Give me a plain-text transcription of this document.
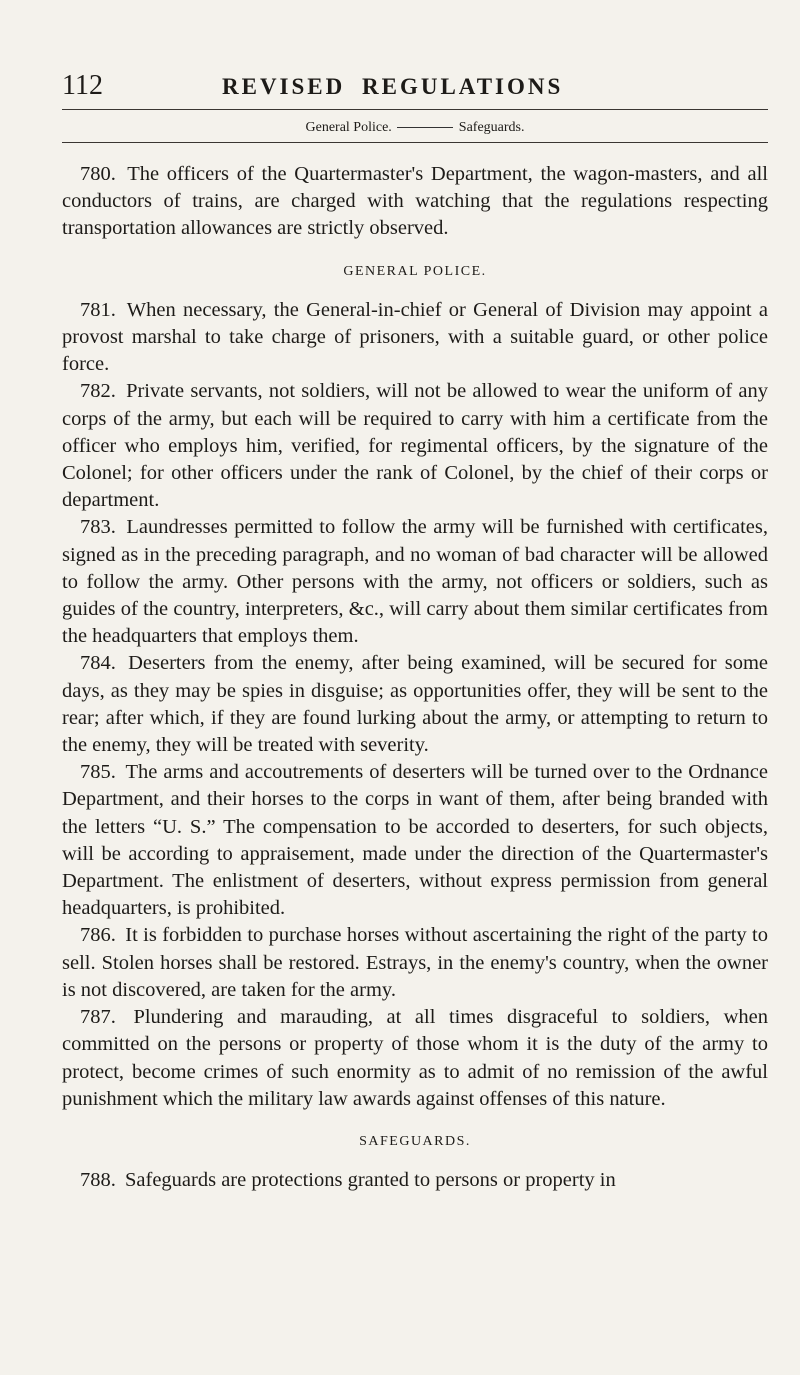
112	REVISED REGULATIONS
General Police.	Safeguards.

780. The officers of the Quartermaster's Department, the wagon-masters, and all conductors of trains, are charged with watching that the regulations respecting transportation allowances are strictly observed.

GENERAL POLICE.

781. When necessary, the General-in-chief or General of Division may appoint a provost marshal to take charge of prisoners, with a suitable guard, or other police force.

782. Private servants, not soldiers, will not be allowed to wear the uniform of any corps of the army, but each will be required to carry with him a certificate from the officer who employs him, verified, for regimental officers, by the signature of the Colonel; for other officers under the rank of Colonel, by the chief of their corps or department.

783. Laundresses permitted to follow the army will be furnished with certificates, signed as in the preceding paragraph, and no woman of bad character will be allowed to follow the army. Other persons with the army, not officers or soldiers, such as guides of the country, interpreters, &c., will carry about them similar certificates from the headquarters that employs them.

784. Deserters from the enemy, after being examined, will be secured for some days, as they may be spies in disguise; as opportunities offer, they will be sent to the rear; after which, if they are found lurking about the army, or attempting to return to the enemy, they will be treated with severity.

785. The arms and accoutrements of deserters will be turned over to the Ordnance Department, and their horses to the corps in want of them, after being branded with the letters “U. S.” The compensation to be accorded to deserters, for such objects, will be according to appraisement, made under the direction of the Quartermaster's Department. The enlistment of deserters, without express permission from general headquarters, is prohibited.

786. It is forbidden to purchase horses without ascertaining the right of the party to sell. Stolen horses shall be restored. Estrays, in the enemy's country, when the owner is not discovered, are taken for the army.

787. Plundering and marauding, at all times disgraceful to soldiers, when committed on the persons or property of those whom it is the duty of the army to protect, become crimes of such enormity as to admit of no remission of the awful punishment which the military law awards against offenses of this nature.

SAFEGUARDS.

788. Safeguards are protections granted to persons or property in
